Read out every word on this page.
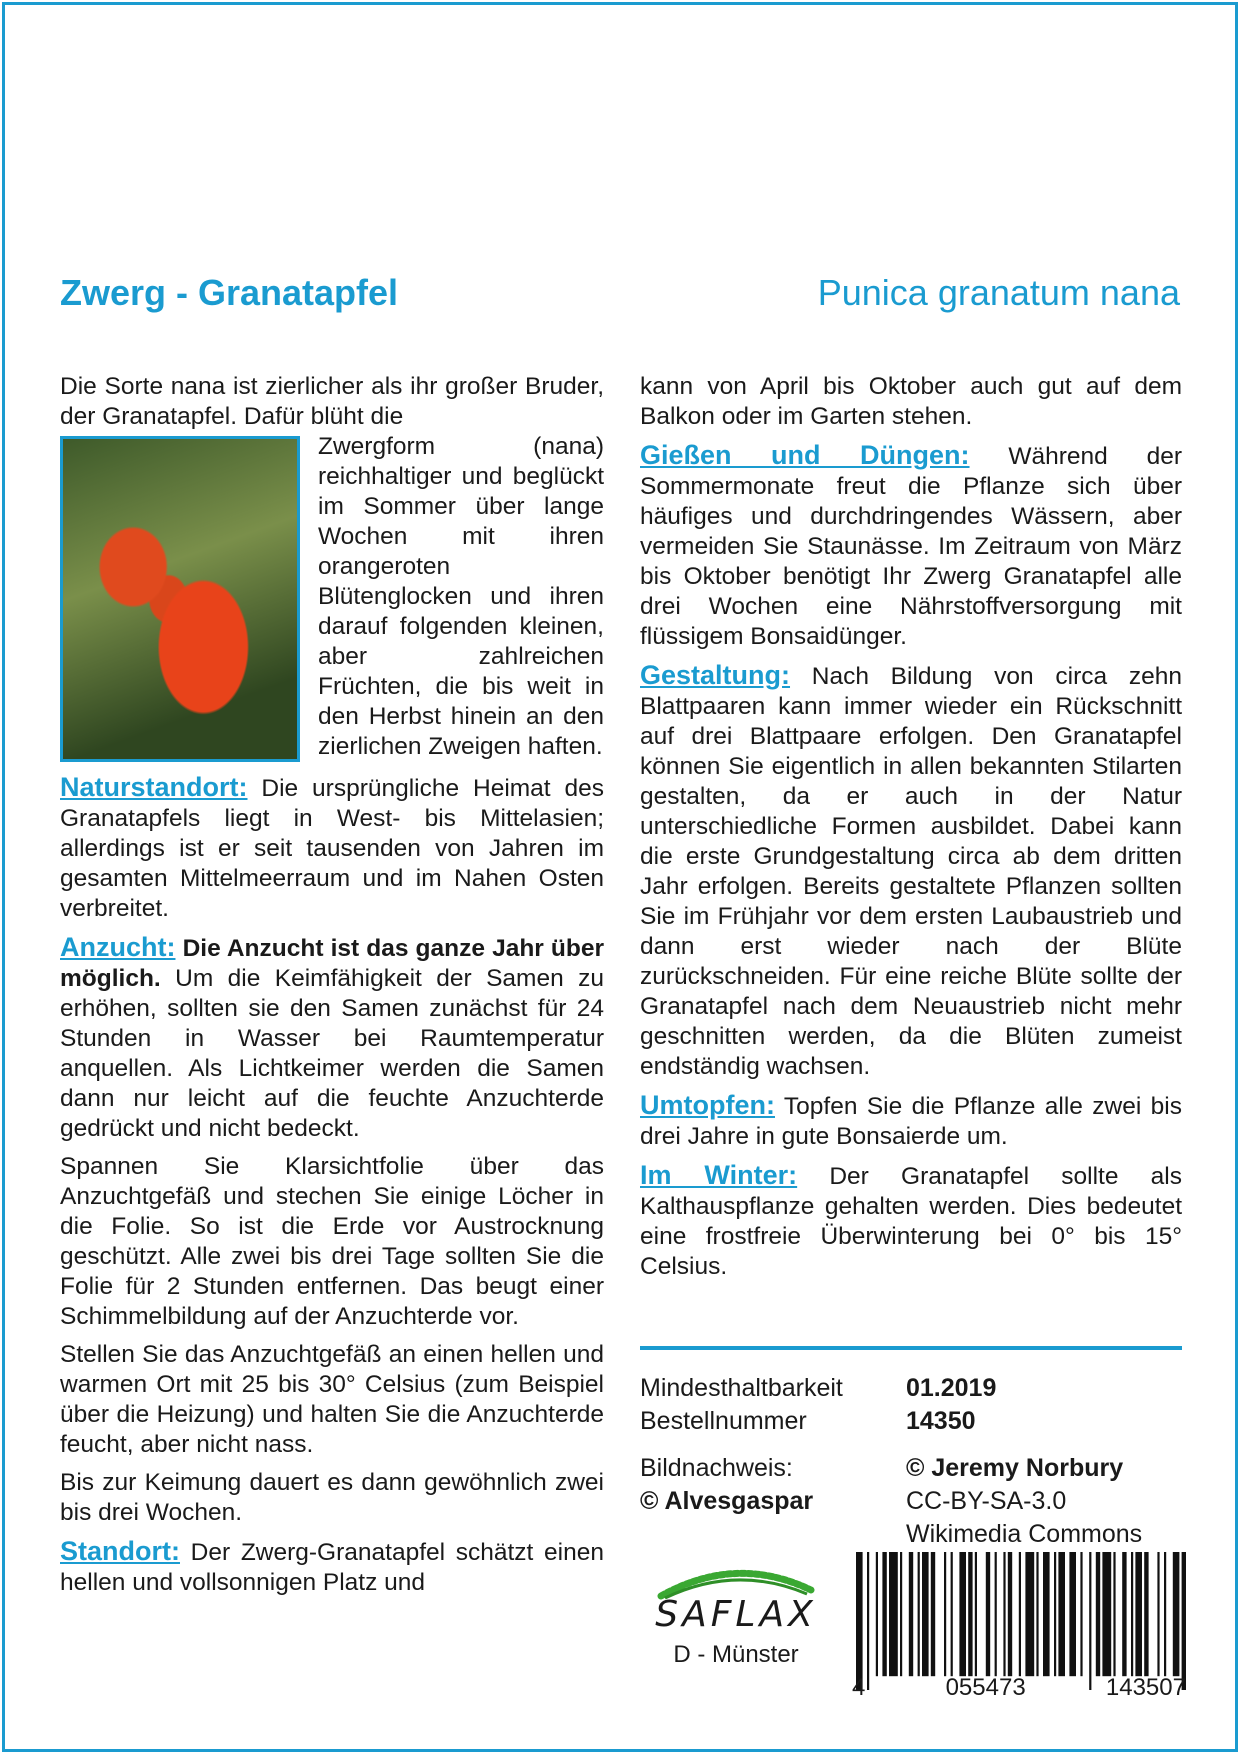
Zwerg - Granatapfel	Punica granatum nana

Die Sorte nana ist zierlicher als ihr großer Bruder, der Granatapfel. Dafür blüht die

Zwergform (nana) reichhaltiger und beglückt im Sommer über lange Wochen mit ihren orangeroten Blütenglocken und ihren darauf folgenden kleinen, aber zahlreichen Früchten, die bis weit in den Herbst hinein an den zierlichen Zweigen haften.

Naturstandort: Die ursprüngliche Heimat des Granatapfels liegt in West- bis Mittelasien; allerdings ist er seit tausenden von Jahren im gesamten Mittelmeerraum und im Nahen Osten verbreitet.

Anzucht: Die Anzucht ist das ganze Jahr über möglich. Um die Keimfähigkeit der Samen zu erhöhen, sollten sie den Samen zunächst für 24 Stunden in Wasser bei Raumtemperatur anquellen. Als Lichtkeimer werden die Samen dann nur leicht auf die feuchte Anzuchterde gedrückt und nicht bedeckt.

Spannen Sie Klarsichtfolie über das Anzuchtgefäß und stechen Sie einige Löcher in die Folie. So ist die Erde vor Austrocknung geschützt. Alle zwei bis drei Tage sollten Sie die Folie für 2 Stunden entfernen. Das beugt einer Schimmelbildung auf der Anzuchterde vor.

Stellen Sie das Anzuchtgefäß an einen hellen und warmen Ort mit 25 bis 30° Celsius (zum Beispiel über die Heizung) und halten Sie die Anzuchterde feucht, aber nicht nass.

Bis zur Keimung dauert es dann gewöhnlich zwei bis drei Wochen.

Standort: Der Zwerg-Granatapfel schätzt einen hellen und vollsonnigen Platz und

kann von April bis Oktober auch gut auf dem Balkon oder im Garten stehen.

Gießen und Düngen: Während der Sommermonate freut die Pflanze sich über häufiges und durchdringendes Wässern, aber vermeiden Sie Staunässe. Im Zeitraum von März bis Oktober benötigt Ihr Zwerg Granatapfel alle drei Wochen eine Nährstoffversorgung mit flüssigem Bonsaidünger.

Gestaltung: Nach Bildung von circa zehn Blattpaaren kann immer wieder ein Rückschnitt auf drei Blattpaare erfolgen. Den Granatapfel können Sie eigentlich in allen bekannten Stilarten gestalten, da er auch in der Natur unterschiedliche Formen ausbildet. Dabei kann die erste Grundgestaltung circa ab dem dritten Jahr erfolgen. Bereits gestaltete Pflanzen sollten Sie im Frühjahr vor dem ersten Laubaustrieb und dann erst wieder nach der Blüte zurückschneiden. Für eine reiche Blüte sollte der Granatapfel nach dem Neuaustrieb nicht mehr geschnitten werden, da die Blüten zumeist endständig wachsen.

Umtopfen: Topfen Sie die Pflanze alle zwei bis drei Jahre in gute Bonsaierde um.

Im Winter: Der Granatapfel sollte als Kalthauspflanze gehalten werden. Dies bedeutet eine frostfreie Überwinterung bei 0° bis 15° Celsius.

Mindesthaltbarkeit	01.2019
Bestellnummer	14350
Bildnachweis:	© Jeremy Norbury
© Alvesgaspar	CC-BY-SA-3.0
Wikimedia Commons
SAFLAX
D - Münster
4	055473	143507
